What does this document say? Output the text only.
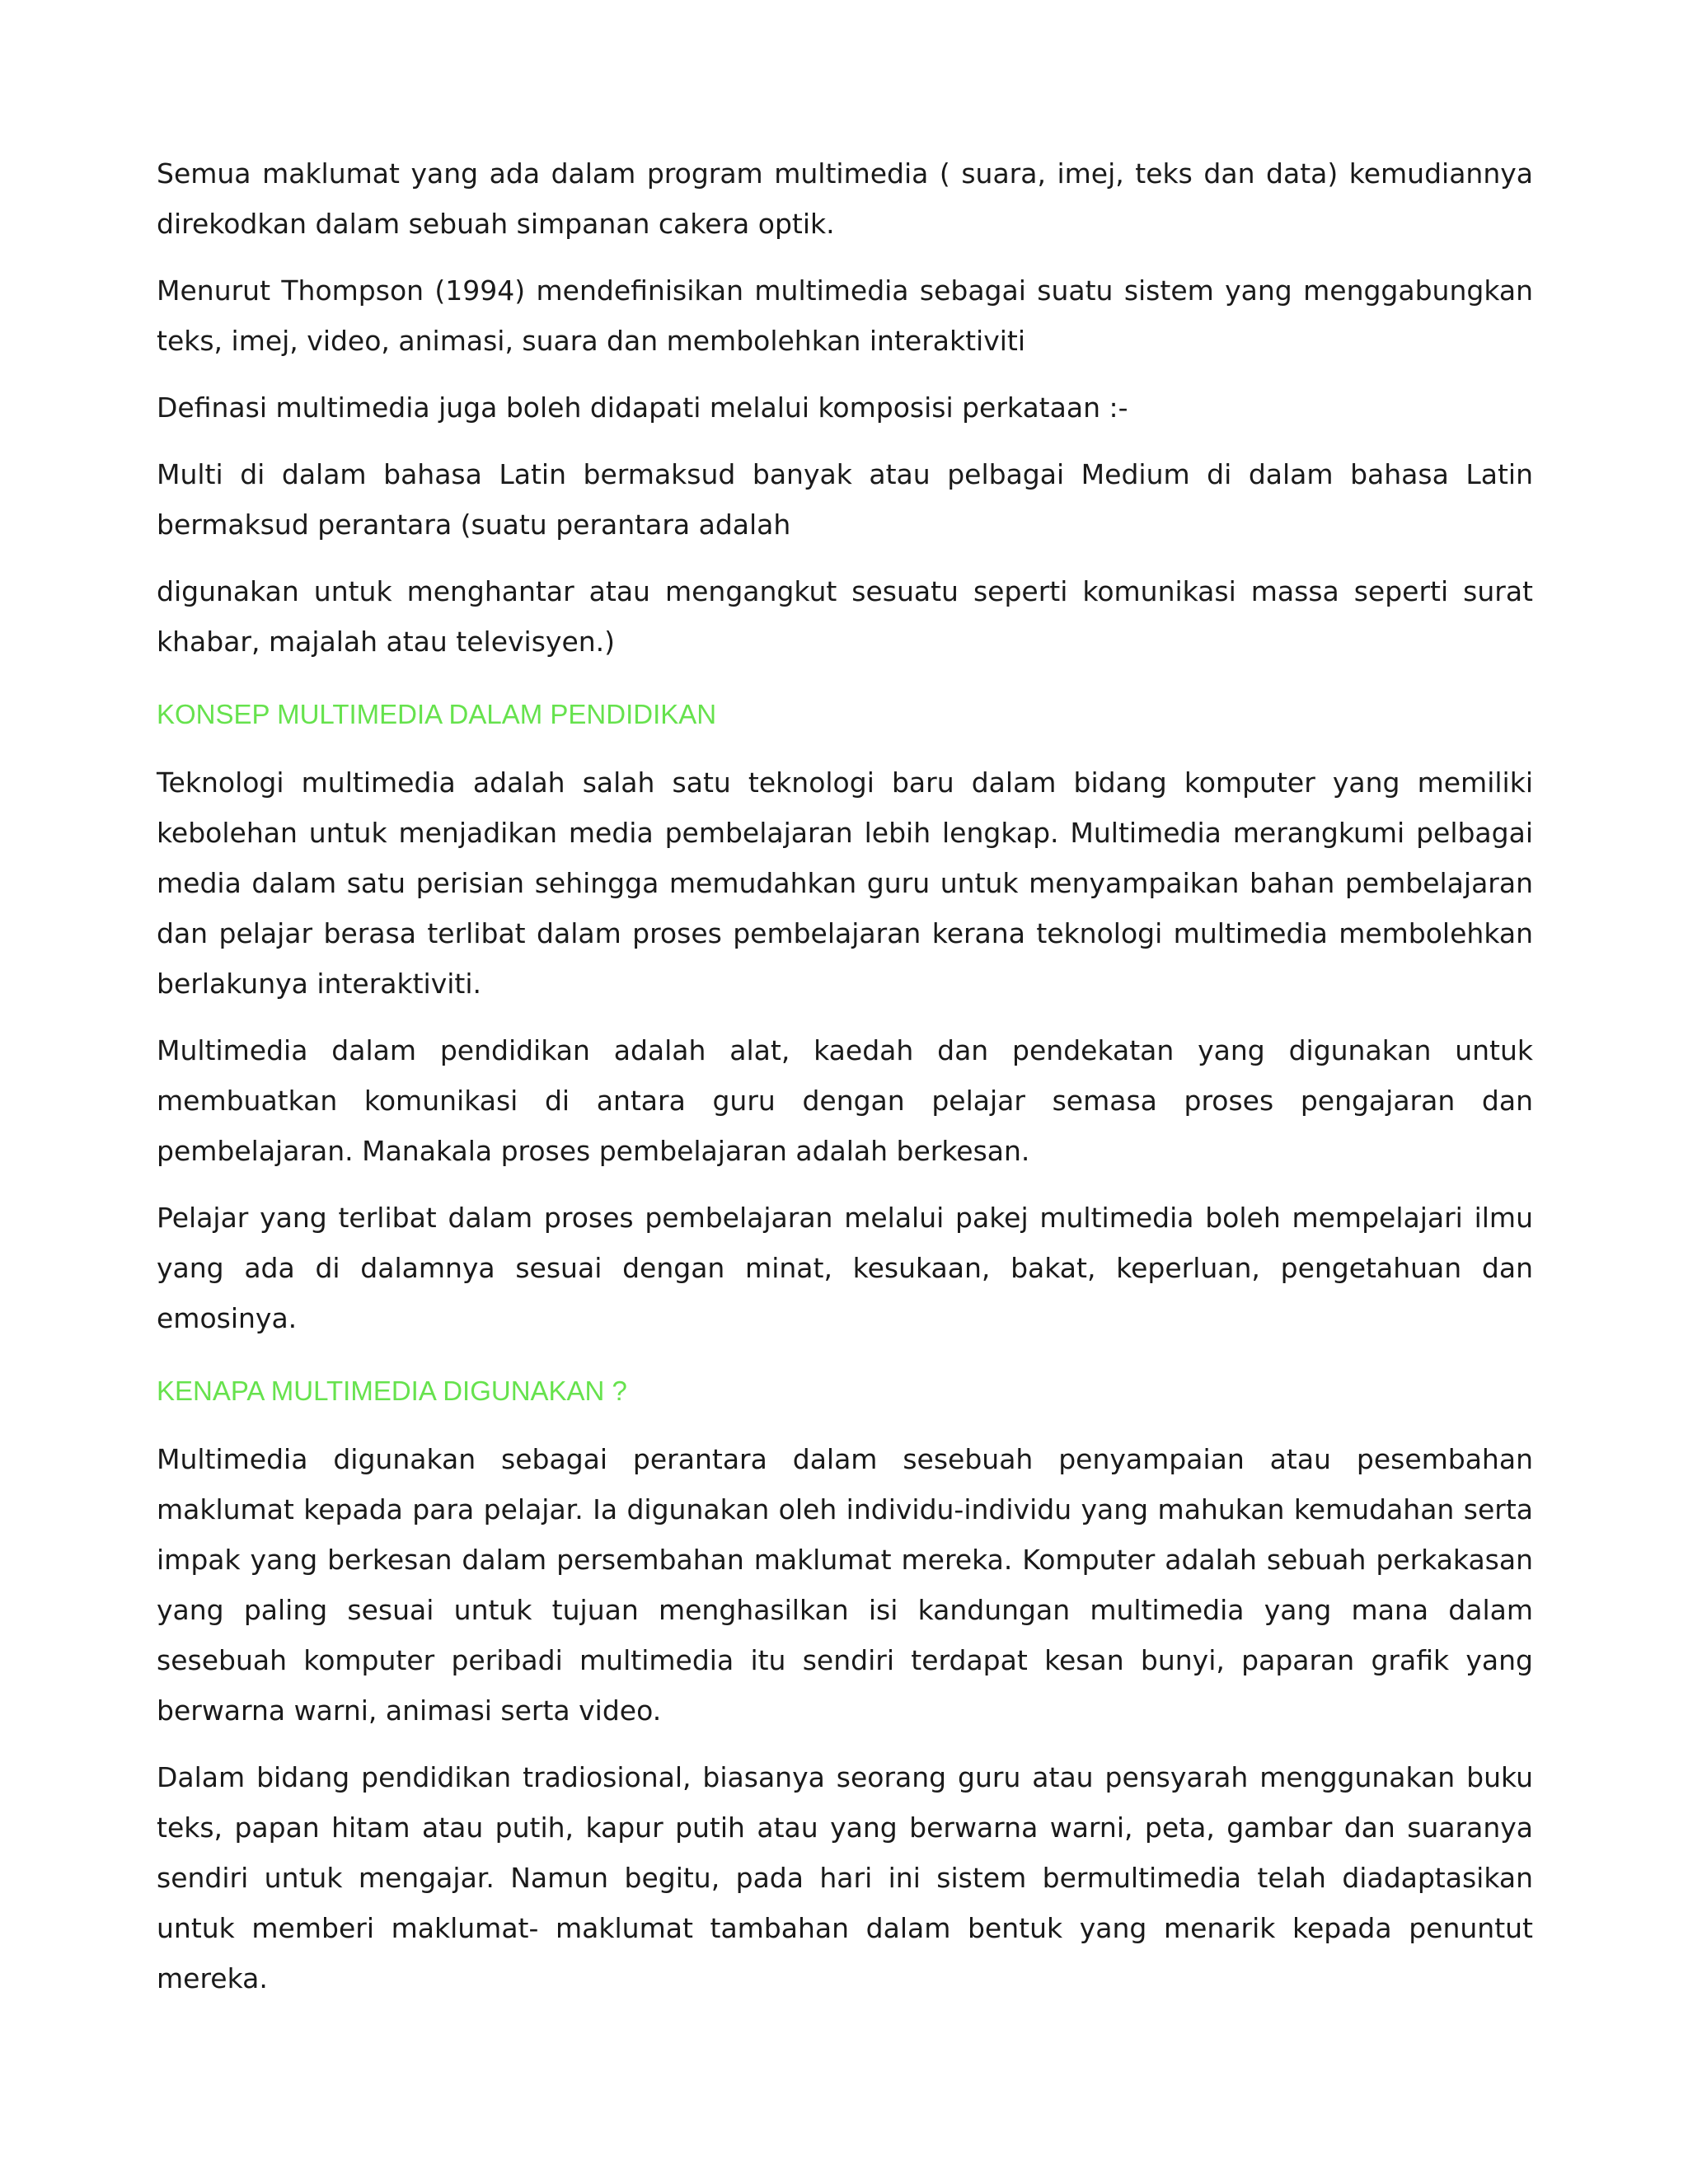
Semua maklumat yang ada dalam program multimedia ( suara, imej, teks dan data) kemudiannya direkodkan dalam sebuah simpanan cakera optik.

Menurut Thompson (1994) mendefinisikan multimedia sebagai suatu sistem yang menggabungkan teks, imej, video, animasi, suara dan membolehkan interaktiviti

Definasi multimedia juga boleh didapati melalui komposisi perkataan :-

Multi di dalam bahasa Latin bermaksud banyak atau pelbagai Medium di dalam bahasa Latin bermaksud perantara (suatu perantara adalah

digunakan untuk menghantar atau mengangkut sesuatu seperti komunikasi massa seperti surat khabar, majalah atau televisyen.)

KONSEP MULTIMEDIA DALAM PENDIDIKAN

Teknologi multimedia adalah salah satu teknologi baru dalam bidang komputer yang memiliki kebolehan untuk menjadikan media pembelajaran lebih lengkap. Multimedia merangkumi pelbagai media dalam satu perisian sehingga memudahkan guru untuk menyampaikan bahan pembelajaran dan pelajar berasa terlibat dalam proses pembelajaran kerana teknologi multimedia membolehkan berlakunya interaktiviti.

Multimedia dalam pendidikan adalah alat, kaedah dan pendekatan yang digunakan untuk membuatkan komunikasi di antara guru dengan pelajar semasa proses pengajaran dan pembelajaran. Manakala proses pembelajaran adalah berkesan.

Pelajar yang terlibat dalam proses pembelajaran melalui pakej multimedia boleh mempelajari ilmu yang ada di dalamnya sesuai dengan minat, kesukaan, bakat, keperluan, pengetahuan dan emosinya.

KENAPA MULTIMEDIA DIGUNAKAN ?

Multimedia digunakan sebagai perantara dalam sesebuah penyampaian atau pesembahan maklumat kepada para pelajar. Ia digunakan oleh individu-individu yang mahukan kemudahan serta impak yang berkesan dalam persembahan maklumat mereka. Komputer adalah sebuah perkakasan yang paling sesuai untuk tujuan menghasilkan isi kandungan multimedia yang mana dalam sesebuah komputer peribadi multimedia itu sendiri terdapat kesan bunyi, paparan grafik yang berwarna warni, animasi serta video.

Dalam bidang pendidikan tradiosional, biasanya seorang guru atau pensyarah menggunakan buku teks, papan hitam atau putih, kapur putih atau yang berwarna warni, peta, gambar dan suaranya sendiri untuk mengajar. Namun begitu, pada hari ini sistem bermultimedia telah diadaptasikan untuk memberi maklumat- maklumat tambahan dalam bentuk yang menarik kepada penuntut mereka.
